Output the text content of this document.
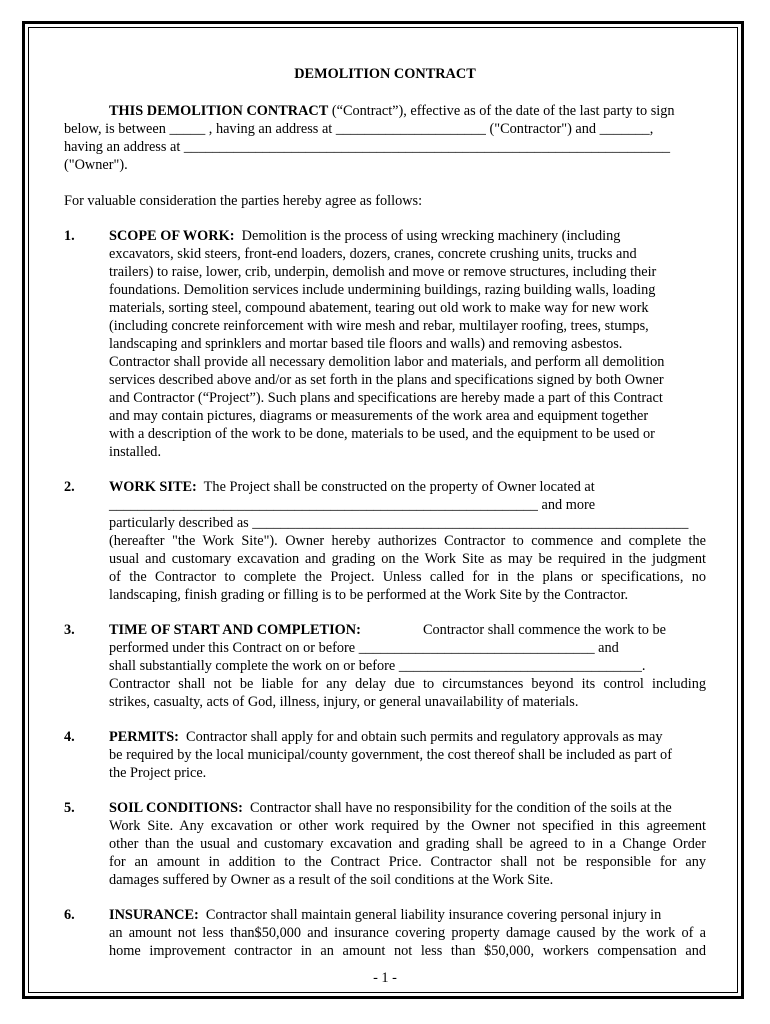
DEMOLITION CONTRACT
THIS DEMOLITION CONTRACT (“Contract”), effective as of the date of the last party to sign
below, is between _____ , having an address at _____________________ ("Contractor") and _______,
having an address at ____________________________________________________________________
("Owner").
For valuable consideration the parties hereby agree as follows:
1. SCOPE OF WORK:  Demolition is the process of using wrecking machinery (including
excavators, skid steers, front-end loaders, dozers, cranes, concrete crushing units, trucks and
trailers) to raise, lower, crib, underpin, demolish and move or remove structures, including their
foundations. Demolition services include undermining buildings, razing building walls, loading
materials, sorting steel, compound abatement, tearing out old work to make way for new work
(including concrete reinforcement with wire mesh and rebar, multilayer roofing, trees, stumps,
landscaping and sprinklers and mortar based tile floors and walls) and removing asbestos.
Contractor shall provide all necessary demolition labor and materials, and perform all demolition
services described above and/or as set forth in the plans and specifications signed by both Owner
and Contractor (“Project”). Such plans and specifications are hereby made a part of this Contract
and may contain pictures, diagrams or measurements of the work area and equipment together
with a description of the work to be done, materials to be used, and the equipment to be used or
installed.
2. WORK SITE:  The Project shall be constructed on the property of Owner located at
____________________________________________________________ and more
particularly described as _____________________________________________________________
(hereafter "the Work Site"). Owner hereby authorizes Contractor to commence and complete the
usual and customary excavation and grading on the Work Site as may be required in the judgment
of the Contractor to complete the Project. Unless called for in the plans or specifications, no
landscaping, finish grading or filling is to be performed at the Work Site by the Contractor.
3. TIME OF START AND COMPLETION:	Contractor shall commence the work to be
performed under this Contract on or before _________________________________ and
shall substantially complete the work on or before __________________________________.
Contractor shall not be liable for any delay due to circumstances beyond its control including
strikes, casualty, acts of God, illness, injury, or general unavailability of materials.
4. PERMITS:  Contractor shall apply for and obtain such permits and regulatory approvals as may
be required by the local municipal/county government, the cost thereof shall be included as part of
the Project price.
5. SOIL CONDITIONS:  Contractor shall have no responsibility for the condition of the soils at the
Work Site. Any excavation or other work required by the Owner not specified in this agreement
other than the usual and customary excavation and grading shall be agreed to in a Change Order
for an amount in addition to the Contract Price. Contractor shall not be responsible for any
damages suffered by Owner as a result of the soil conditions at the Work Site.
6. INSURANCE:  Contractor shall maintain general liability insurance covering personal injury in
an amount not less than$50,000 and insurance covering property damage caused by the work of a
home improvement contractor in an amount not less than $50,000, workers compensation and
- 1 -
